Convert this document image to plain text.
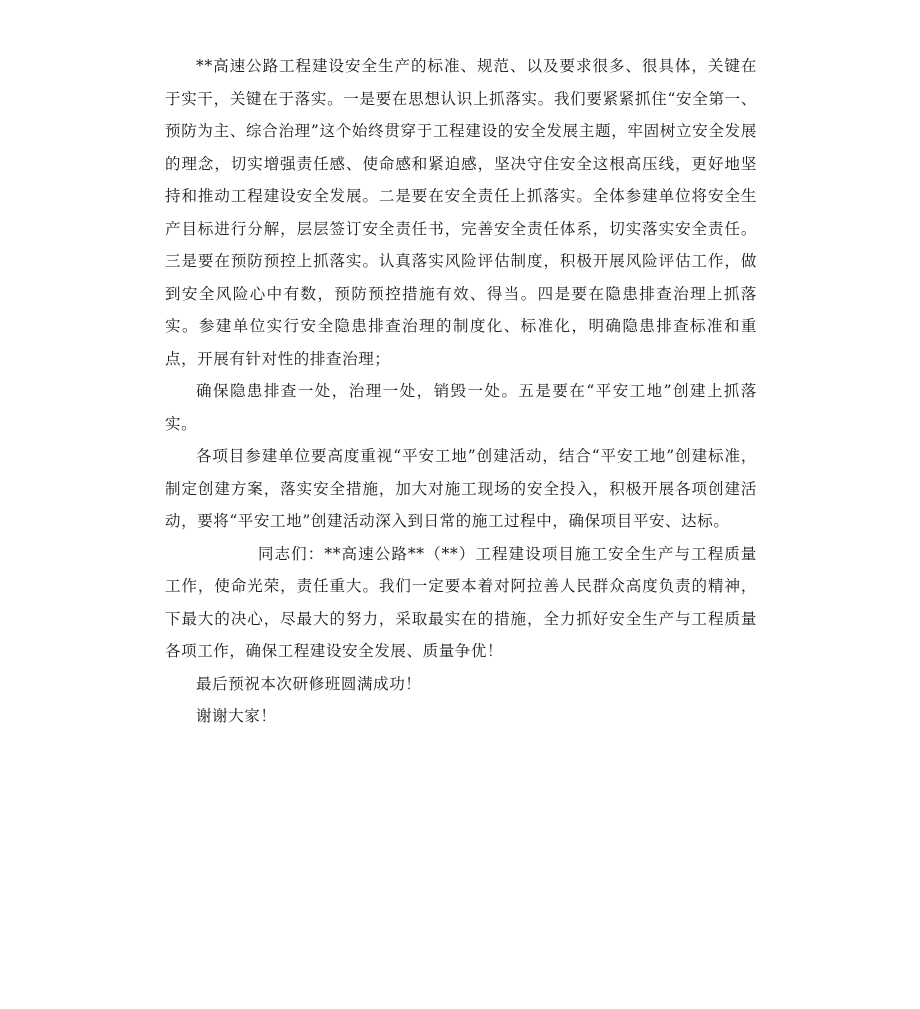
**高速公路工程建设安全生产的标准、规范、以及要求很多、很具体，关键在于实干，关键在于落实。一是要在思想认识上抓落实。我们要紧紧抓住“安全第一、预防为主、综合治理”这个始终贯穿于工程建设的安全发展主题，牢固树立安全发展的理念，切实增强责任感、使命感和紧迫感，坚决守住安全这根高压线，更好地坚持和推动工程建设安全发展。二是要在安全责任上抓落实。全体参建单位将安全生产目标进行分解，层层签订安全责任书，完善安全责任体系，切实落实安全责任。三是要在预防预控上抓落实。认真落实风险评估制度，积极开展风险评估工作，做到安全风险心中有数，预防预控措施有效、得当。四是要在隐患排查治理上抓落实。参建单位实行安全隐患排查治理的制度化、标准化，明确隐患排查标准和重点，开展有针对性的排查治理；

确保隐患排查一处，治理一处，销毁一处。五是要在“平安工地”创建上抓落实。

各项目参建单位要高度重视“平安工地”创建活动，结合“平安工地”创建标准，制定创建方案，落实安全措施，加大对施工现场的安全投入，积极开展各项创建活动，要将“平安工地”创建活动深入到日常的施工过程中，确保项目平安、达标。

同志们：**高速公路**（**）工程建设项目施工安全生产与工程质量工作，使命光荣，责任重大。我们一定要本着对阿拉善人民群众高度负责的精神，下最大的决心，尽最大的努力，采取最实在的措施，全力抓好安全生产与工程质量各项工作，确保工程建设安全发展、质量争优！

最后预祝本次研修班圆满成功！

谢谢大家！
